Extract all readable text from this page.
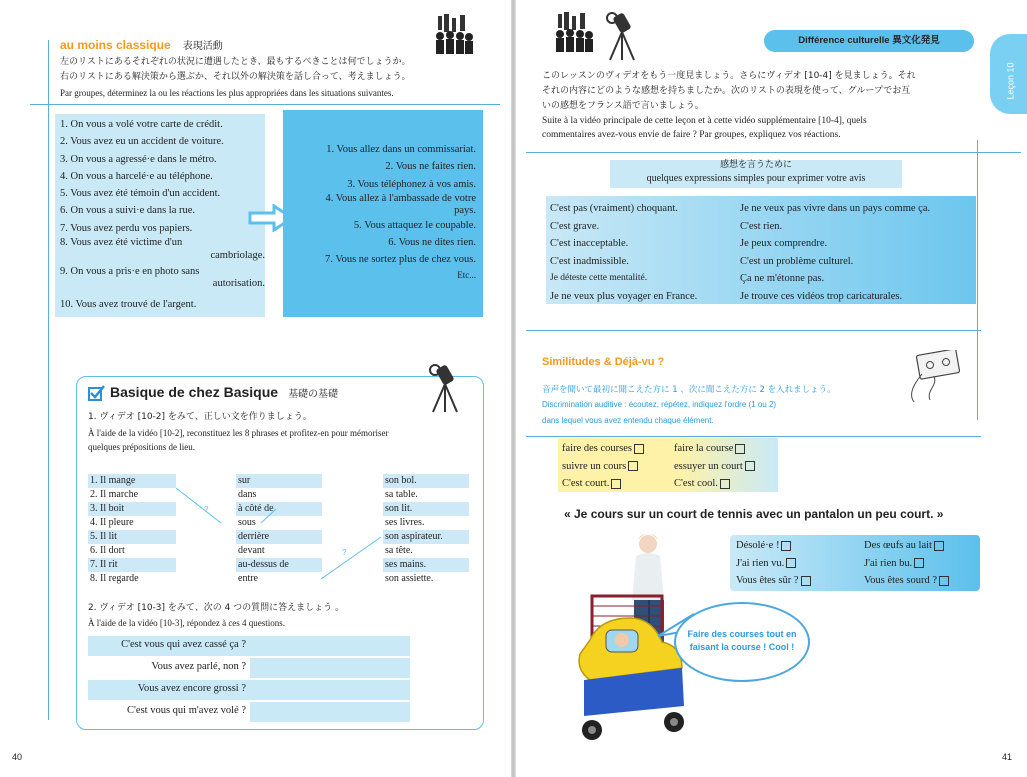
au moins classique 表現活動
左のリストにあるそれぞれの状況に遭遇したとき、最もするべきことは何でしょうか。
右のリストにある解決策から選ぶか、それ以外の解決策を話し合って、考えましょう。
Par groupes, déterminez la ou les réactions les plus appropriées dans les situations suivantes.
1. On vous a volé votre carte de crédit.
2. Vous avez eu un accident de voiture.
3. On vous a agressé·e dans le métro.
4. On vous a harcelé·e au téléphone.
5. Vous avez été témoin d'un accident.
6. On vous a suivi·e dans la rue.
7. Vous avez perdu vos papiers.
8. Vous avez été victime d'un
cambriolage.
9. On vous a pris·e en photo sans
autorisation.
10. Vous avez trouvé de l'argent.
1. Vous allez dans un commissariat.
2. Vous ne faites rien.
3. Vous téléphonez à vos amis.
4. Vous allez à l'ambassade de votre
pays.
5. Vous attaquez le coupable.
6. Vous ne dites rien.
7. Vous ne sortez plus de chez vous.
Etc...
Basique de chez Basique 基礎の基礎
1. ヴィデオ [10-2] をみて、正しい文を作りましょう。
À l'aide de la vidéo [10-2], reconstituez les 8 phrases et profitez-en pour mémoriser
quelques prépositions de lieu.
1. Il mange
2. Il marche
3. Il boit
4. Il pleure
5. Il lit
6. Il dort
7. Il rit
8. Il regarde
sur
dans
à côté de
sous
derrière
devant
au-dessus de
entre
son bol.
sa table.
son lit.
ses livres.
son aspirateur.
sa tête.
ses mains.
son assiette.
?
?
2. ヴィデオ [10-3] をみて、次の 4 つの質問に答えましょう 。
À l'aide de la vidéo [10-3], répondez à ces 4 questions.
C'est vous qui avez cassé ça ?
Vous avez parlé, non ?
Vous avez encore grossi ?
C'est vous qui m'avez volé ?
40
Différence culturelle 異文化発見
Leçon 10
このレッスンのヴィデオをもう一度見ましょう。さらにヴィデオ [10-4] を見ましょう。それ
それの内容にどのような感想を持ちましたか。次のリストの表現を使って、グループでお互
いの感想をフランス語で言いましょう。
Suite à la vidéo principale de cette leçon et à cette vidéo supplémentaire [10-4], quels
commentaires avez-vous envie de faire ? Par groupes, expliquez vos réactions.
感想を言うために
quelques expressions simples pour exprimer votre avis
C'est pas (vraiment) choquant.
C'est grave.
C'est inacceptable.
C'est inadmissible.
Je déteste cette mentalité.
Je ne veux plus voyager en France.
Je ne veux pas vivre dans un pays comme ça.
C'est rien.
Je peux comprendre.
C'est un problème culturel.
Ça ne m'étonne pas.
Je trouve ces vidéos trop caricaturales.
Similitudes & Déjà-vu ?
音声を聞いて最初に聞こえた方に 1 、次に聞こえた方に 2 を入れましょう。
Discrimination auditive : écoutez, répétez, indiquez l'ordre (1 ou 2)
dans lequel vous avez entendu chaque élément.
faire des courses
suivre un cours
C'est court.
faire la course
essuyer un court
C'est cool.
« Je cours sur un court de tennis avec un pantalon un peu court. »
Désolé·e !
J'ai rien vu.
Vous êtes sûr ?
Des œufs au lait
J'ai rien bu.
Vous êtes sourd ?
Faire des courses tout en faisant la course ! Cool !
41
